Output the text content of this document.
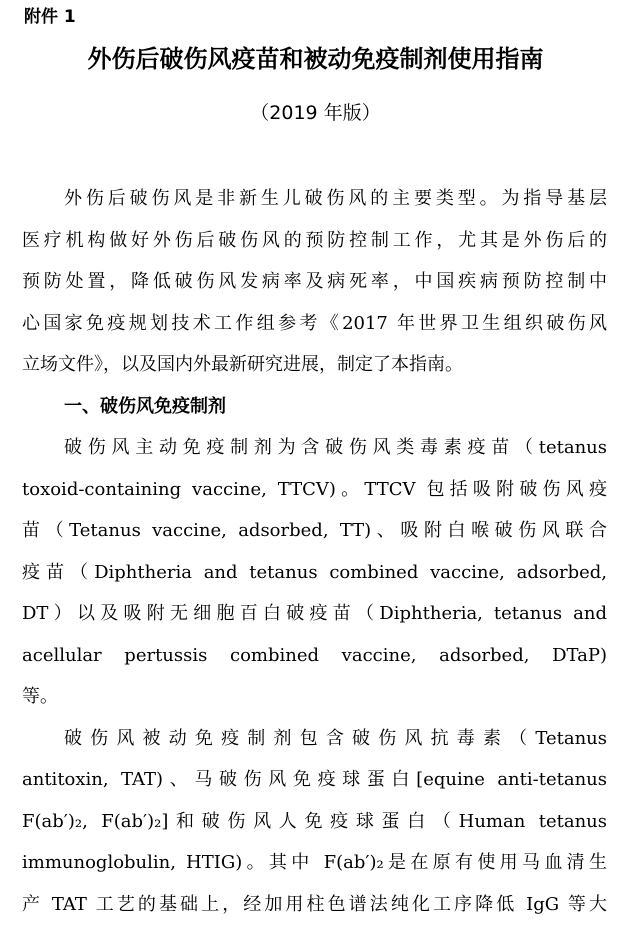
附件 1
外伤后破伤风疫苗和被动免疫制剂使用指南
（2019 年版）
外伤后破伤风是非新生儿破伤风的主要类型。为指导基层
医疗机构做好外伤后破伤风的预防控制工作，尤其是外伤后的
预防处置，降低破伤风发病率及病死率，中国疾病预防控制中
心国家免疫规划技术工作组参考《2017 年世界卫生组织破伤风
立场文件》，以及国内外最新研究进展，制定了本指南。
一、破伤风免疫制剂
破伤风主动免疫制剂为含破伤风类毒素疫苗（tetanus
toxoid-containing vaccine, TTCV)。TTCV 包括吸附破伤风疫
苗（Tetanus vaccine, adsorbed, TT)、吸附白喉破伤风联合
疫苗（Diphtheria and tetanus combined vaccine, adsorbed,
DT）以及吸附无细胞百白破疫苗（Diphtheria, tetanus and
acellular pertussis combined vaccine, adsorbed, DTaP)
等。
破伤风被动免疫制剂包含破伤风抗毒素（Tetanus
antitoxin, TAT)、马破伤风免疫球蛋白[equine anti-tetanus
F(ab′)₂, F(ab′)₂]和破伤风人免疫球蛋白（Human tetanus
immunoglobulin, HTIG)。其中 F(ab′)₂是在原有使用马血清生
产 TAT 工艺的基础上，经加用柱色谱法纯化工序降低 IgG 等大
